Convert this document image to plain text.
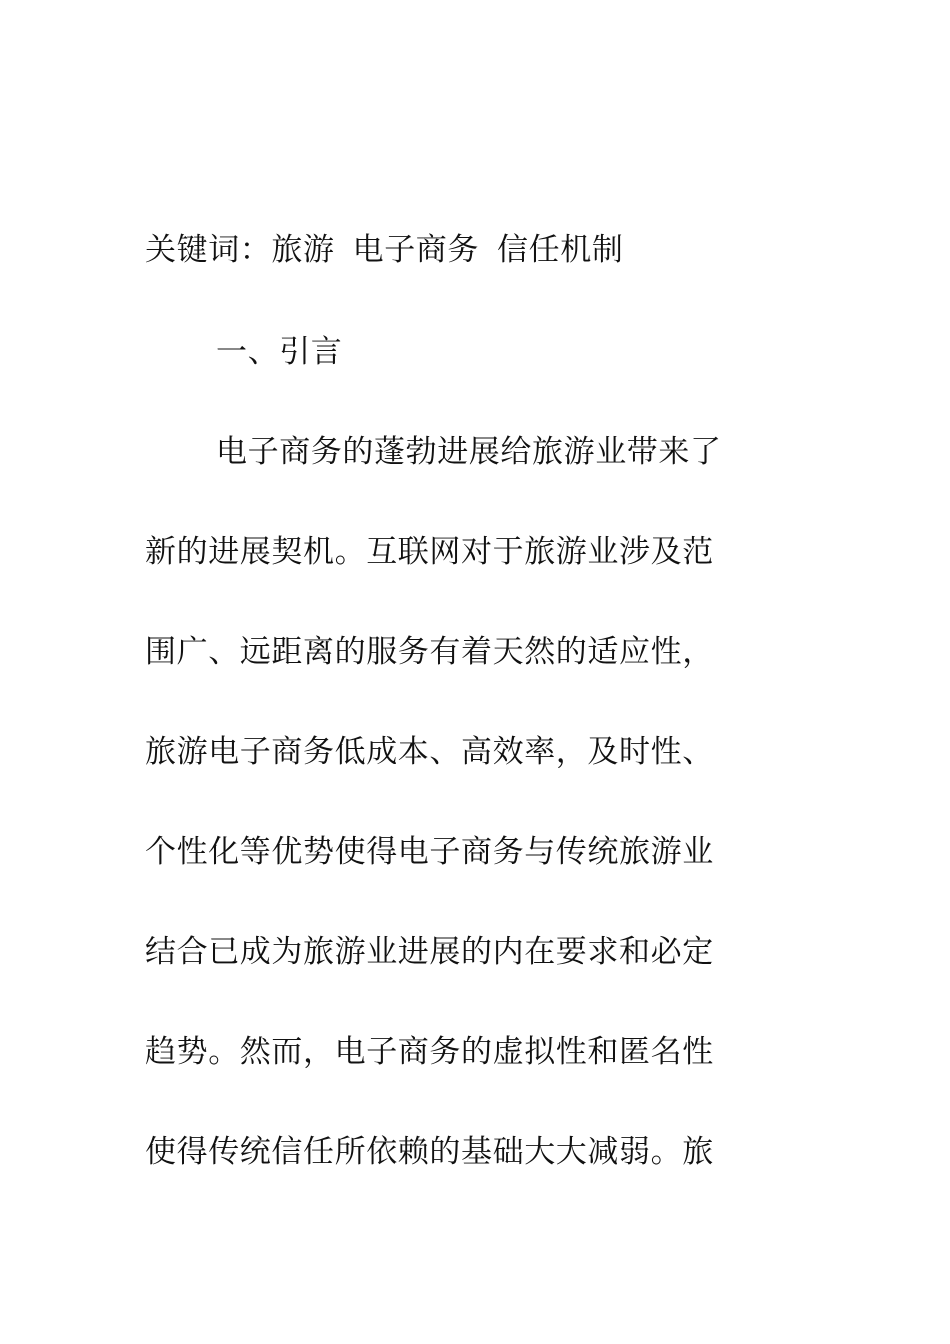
关键词：旅游 电子商务 信任机制
一、引言
电子商务的蓬勃进展给旅游业带来了
新的进展契机。互联网对于旅游业涉及范
围广、远距离的服务有着天然的适应性，
旅游电子商务低成本、高效率，及时性、
个性化等优势使得电子商务与传统旅游业
结合已成为旅游业进展的内在要求和必定
趋势。然而，电子商务的虚拟性和匿名性
使得传统信任所依赖的基础大大减弱。旅
